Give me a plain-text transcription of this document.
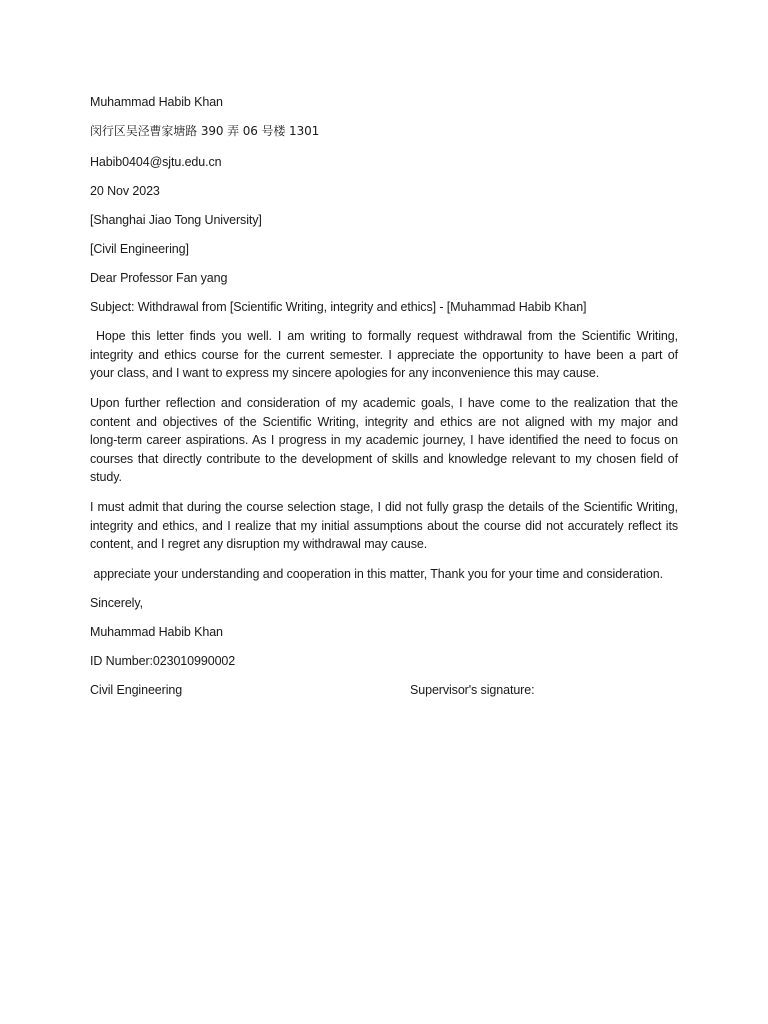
Muhammad Habib Khan

闵行区吴泾曹家塘路 390 弄 06 号楼 1301

Habib0404@sjtu.edu.cn

20 Nov 2023

[Shanghai Jiao Tong University]

[Civil Engineering]

Dear Professor Fan yang

Subject: Withdrawal from [Scientific Writing, integrity and ethics] - [Muhammad Habib Khan]

Hope this letter finds you well. I am writing to formally request withdrawal from the Scientific Writing,
integrity and ethics course for the current semester. I appreciate the opportunity to have been a part of
your class, and I want to express my sincere apologies for any inconvenience this may cause.
Upon further reflection and consideration of my academic goals, I have come to the realization that the
content and objectives of the Scientific Writing, integrity and ethics are not aligned with my major and
long-term career aspirations. As I progress in my academic journey, I have identified the need to focus on
courses that directly contribute to the development of skills and knowledge relevant to my chosen field of
study.
I must admit that during the course selection stage, I did not fully grasp the details of the Scientific Writing,
integrity and ethics, and I realize that my initial assumptions about the course did not accurately reflect its
content, and I regret any disruption my withdrawal may cause.

appreciate your understanding and cooperation in this matter, Thank you for your time and consideration.

Sincerely,

Muhammad Habib Khan

ID Number:023010990002

Civil Engineering	Supervisor's signature:
